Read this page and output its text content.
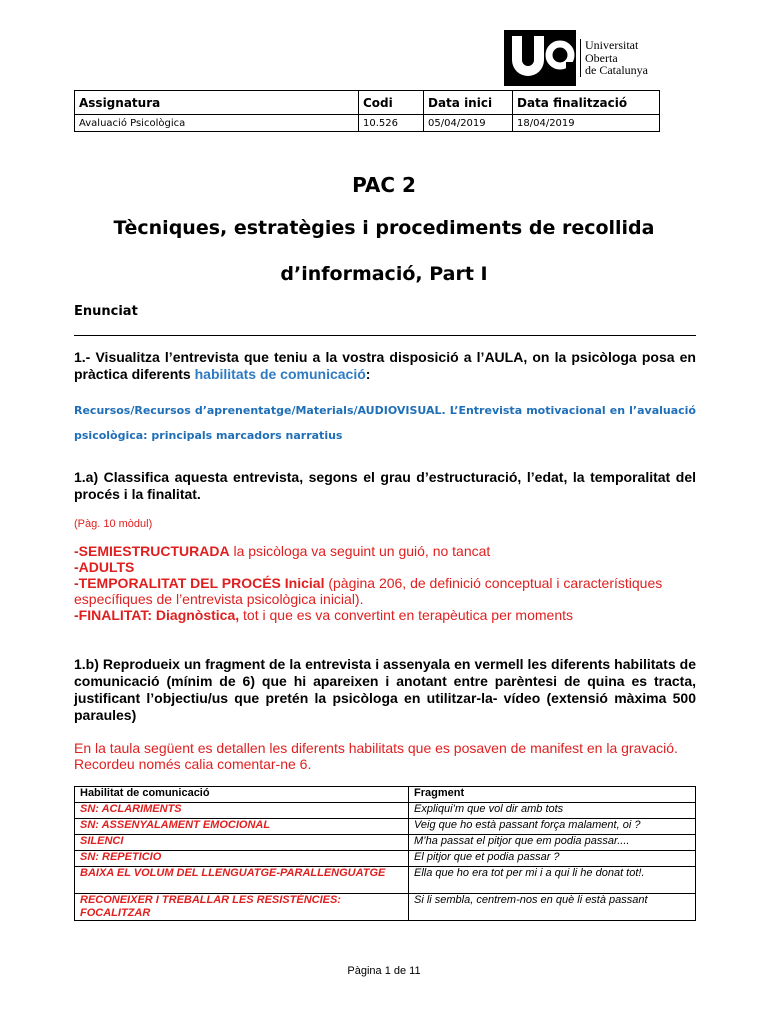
Universitat
Oberta
de Catalunya
Assignatura	Codi	Data inici	Data finalització
Avaluació Psicològica	10.526	05/04/2019	18/04/2019
PAC 2
Tècniques, estratègies i procediments de recollida
d’informació, Part I
Enunciat
1.- Visualitza l’entrevista que teniu a la vostra disposició a l’AULA, on la psicòloga posa en pràctica diferents habilitats de comunicació:
Recursos/Recursos d’aprenentatge/Materials/AUDIOVISUAL. L’Entrevista motivacional en l’avaluació psicològica: principals marcadors narratius
1.a) Classifica aquesta entrevista, segons el grau d’estructuració, l’edat, la temporalitat del procés i la finalitat.
(Pàg. 10 mòdul)
-SEMIESTRUCTURADA la psicòloga va seguint un guió, no tancat
-ADULTS
-TEMPORALITAT DEL PROCÉS Inicial (pàgina 206, de definició conceptual i característiques específiques de l’entrevista psicològica inicial).
-FINALITAT: Diagnòstica, tot i que es va convertint en terapèutica per moments
1.b) Reprodueix un fragment de la entrevista i assenyala en vermell les diferents habilitats de comunicació (mínim de 6) que hi apareixen i anotant entre parèntesi de quina es tracta, justificant l’objectiu/us que pretén la psicòloga en utilitzar-la- vídeo (extensió màxima 500 paraules)
En la taula següent es detallen les diferents habilitats que es posaven de manifest en la gravació. Recordeu només calia comentar-ne 6.
Habilitat de comunicació	Fragment
SN: ACLARIMENTS	Expliqui’m que vol dir amb tots
SN: ASSENYALAMENT EMOCIONAL	Veig que ho està passant força malament, oi ?
SILENCI	M’ha passat el pitjor que em podia passar....
SN: REPETICIO	El pitjor que et podia passar ?
BAIXA EL VOLUM DEL LLENGUATGE-PARALLENGUATGE	Ella que ho era tot per mi i a qui li he donat tot!.
RECONEIXER I TREBALLAR LES RESISTÈNCIES: FOCALITZAR	Si li sembla, centrem-nos en què li està passant
Pàgina 1 de 11
